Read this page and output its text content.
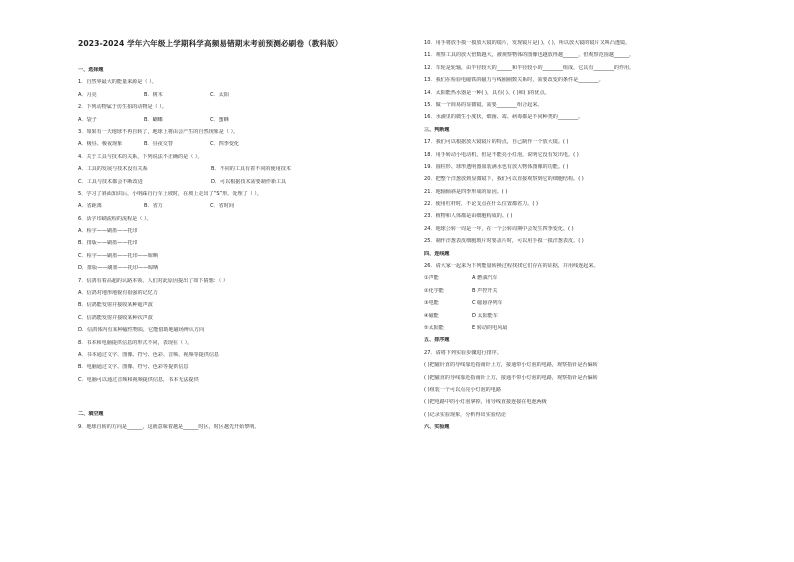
2023-2024 学年六年级上学期科学高频易错期末考前预测必刷卷（教科版）
一、选择题
1．自然界最大的能量来源是（ ）。
A．月亮	B．树木	C．太阳
2．下列动物属于仿生拍的动物是（ ）。
A．袋子	B．蝴蝶	C．蜜蜂
3．如果有一天地球不再自转了，地球上将由会产生的自然现象是（ ）。
A．极昼、极夜现象	B．昼夜交替	C．四季变化
4．关于工具与技术的关系，下列说法不正确的是（ ）。
A．工具的发展与技术没有关系	B．不同的工具有着不同的使用技术
C．工具与技术都会不断改进	D．可以根据技术需要制作新工具
5．学习了斜面知识后，小明踩自行车上坡时，在坡上走出了“S”形。处理了（ ）。
A．省距离	B．省力	C．省时间
6．活字印刷流程的流程是（ ）。
A．检字——刷墨——托印
B．排版——刷墨——托印
C．检字——刷墨——托印——晾晒
D．排版——刷墨——托印——晾晒
7．信鸽有着高超的认路本领，人们对此原因提出了如下猜想：（ ）
A．信鸽对地形地貌有很强的记忆力
B．信鸽能发射并接收某种超声波
C．信鸽能发射并接收某种次声波
D．信鸽体内有某种磁性物质，它能借助地磁场辨认方向
8．书本和电脑提供信息的形式不同，表现在（ ）。
A．书本通过文字、图像、符号、色彩、音频、视频等提供信息
B．电脑通过文字、图像、符号、色彩等提供信息
C．电脑可以通过音频和视频提供信息，书本无法提供
二、填空题
9．地球自转的方向是______，这就意味着越是______时区，时区越先开始黎明。
10．用手将放手摸一摸放大镜的镜片，发现镜片是( )，( )，所以放大镜的镜片又叫凸透镜。
11．观察工具的放大倍数越大，被观察物体的图像也越放得越______，但观察范围越______。
12．车轮是轮轴，由半径较大的______和半径较小的________组成，它具有________的作用。
13．我们在检验电磁铁的磁力与线圈圈数关系时，需要改变的条件是________。
14．太阳能热水器是一种( )，具有( )、( )和( )的优点。
15．做一个简易的显微镜，需要________组合起来。
16．水滴里的微生小度状，细菌、霉、病毒都是不同种类的________。
三、判断题
17．我们可以根据放大镜镜片的特点，自己制作一个放大镜。( )
18．用手转动小电动机，但是不能亮小灯泡，说明它没有发出电。( )
19．圆柱形、球形透明器皿装满水也有放大物体图像的功能。( )
20．把整个洋葱放到显微镜下，我们可以直接观察到它的细胞结构。( )
21．地轴倾斜是四季形成的原因。( )
22．使用杠杆时，不论支点在什么位置都省力。( )
23．植物和人体都是由细胞构成的。( )
24．地球公转一周是一年，在一个公转周期中会发生四季变化。( )
25．制作洋葱表皮细胞玻片时要盖片时，可以用手摸一摸洋葱表皮。( )
四、连线题
26．请大家一起来为下列能量转换过程找找它们存在的证据，并用线连起来。
①声能	A 燃油汽车
②化学能	B 声控开关
③电能	C 磁悬浮列车
④磁能	D 太阳能车
⑤太阳能	E 转动的电风扇
五、排序题
27．请将下列实验步骤进行排序。
( )把磁针直的导线靠近指南针上方，接通带小灯泡的电路，观察指针是否偏转
( )把磁直的导线靠近指南针上方，接通不带小灯泡的电路，观察指针是否偏转
( )组装一个可以点亮小灯泡的电路
( )把电路中的小灯泡拿掉，用导线直接连接在电池两极
( )记录实验现象，分析得出实验结论
六、实验题
